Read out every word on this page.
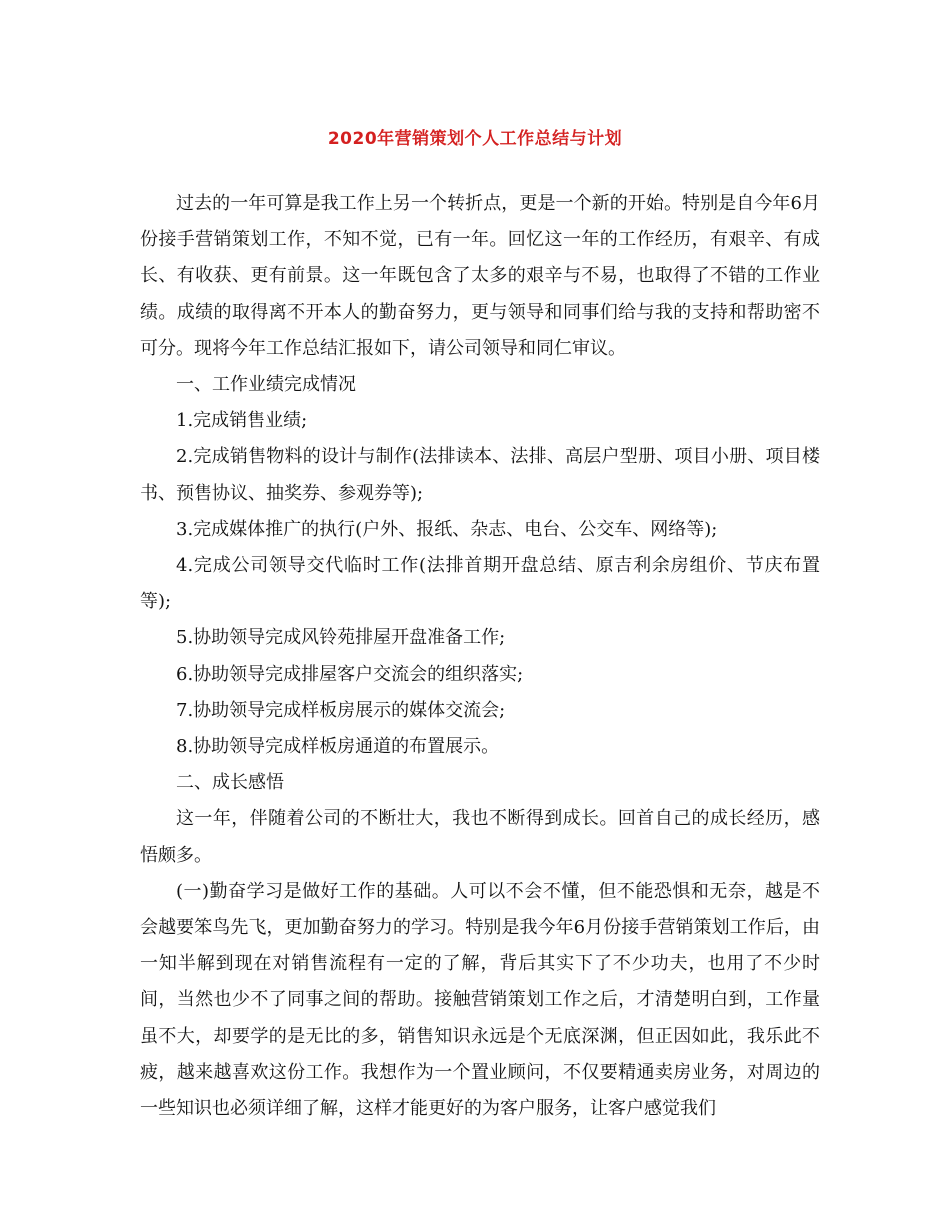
2020年营销策划个人工作总结与计划

过去的一年可算是我工作上另一个转折点，更是一个新的开始。特别是自今年6月份接手营销策划工作，不知不觉，已有一年。回忆这一年的工作经历，有艰辛、有成长、有收获、更有前景。这一年既包含了太多的艰辛与不易，也取得了不错的工作业绩。成绩的取得离不开本人的勤奋努力，更与领导和同事们给与我的支持和帮助密不可分。现将今年工作总结汇报如下，请公司领导和同仁审议。

一、工作业绩完成情况

1.完成销售业绩;

2.完成销售物料的设计与制作(法排读本、法排、高层户型册、项目小册、项目楼书、预售协议、抽奖券、参观券等);

3.完成媒体推广的执行(户外、报纸、杂志、电台、公交车、网络等);

4.完成公司领导交代临时工作(法排首期开盘总结、原吉利余房组价、节庆布置等);

5.协助领导完成风铃苑排屋开盘准备工作;

6.协助领导完成排屋客户交流会的组织落实;

7.协助领导完成样板房展示的媒体交流会;

8.协助领导完成样板房通道的布置展示。

二、成长感悟

这一年，伴随着公司的不断壮大，我也不断得到成长。回首自己的成长经历，感悟颇多。

(一)勤奋学习是做好工作的基础。人可以不会不懂，但不能恐惧和无奈，越是不会越要笨鸟先飞，更加勤奋努力的学习。特别是我今年6月份接手营销策划工作后，由一知半解到现在对销售流程有一定的了解，背后其实下了不少功夫，也用了不少时间，当然也少不了同事之间的帮助。接触营销策划工作之后，才清楚明白到，工作量虽不大，却要学的是无比的多，销售知识永远是个无底深渊，但正因如此，我乐此不疲，越来越喜欢这份工作。我想作为一个置业顾问，不仅要精通卖房业务，对周边的一些知识也必须详细了解，这样才能更好的为客户服务，让客户感觉我们
